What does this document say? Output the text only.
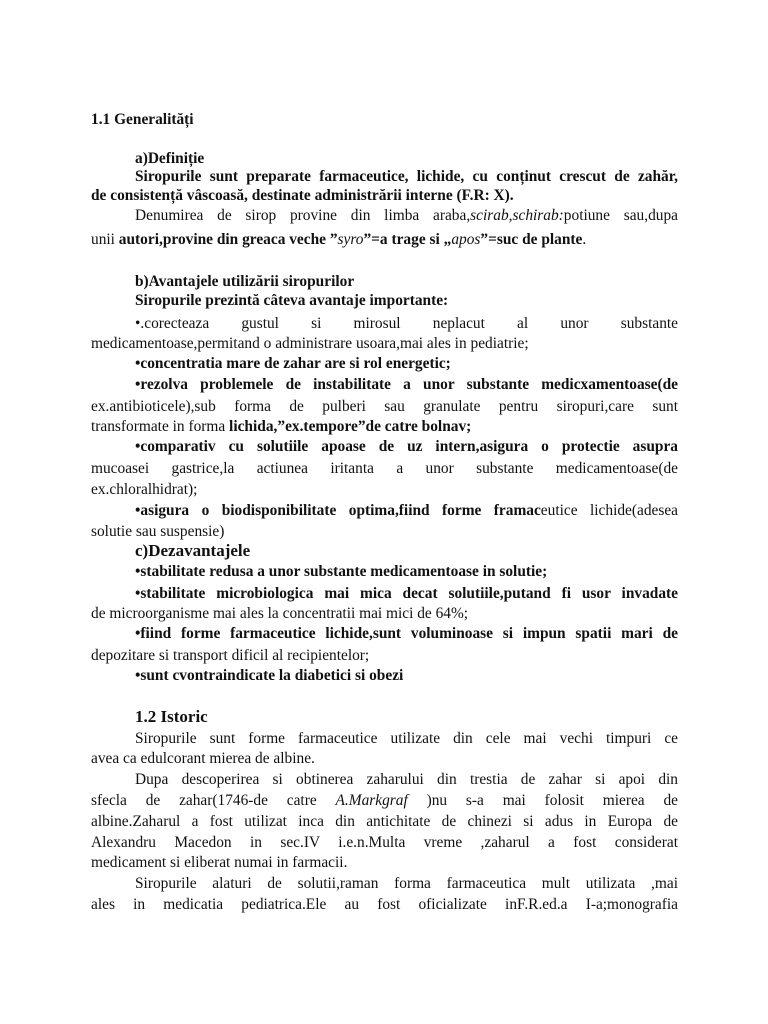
1.1 Generalități
a)Definiție
Siropurile sunt preparate farmaceutice, lichide, cu conținut crescut de zahăr,
de consistență vâscoasă, destinate administrării interne (F.R: X).
Denumirea de sirop provine din limba araba,scirab,schirab:potiune sau,dupa
unii autori,provine din greaca veche ”syro”=a trage si „apos”=suc de plante.
b)Avantajele utilizării siropurilor
Siropurile prezintă câteva avantaje importante:
•.corecteaza gustul si mirosul neplacut al unor substante
medicamentoase,permitand o administrare usoara,mai ales in pediatrie;
•concentratia mare de zahar are si rol energetic;
•rezolva problemele de instabilitate a unor substante medicxamentoase(de
ex.antibioticele),sub forma de pulberi sau granulate pentru siropuri,care sunt
transformate in forma lichida,”ex.tempore”de catre bolnav;
•comparativ cu solutiile apoase de uz intern,asigura o protectie asupra
mucoasei gastrice,la actiunea iritanta a unor substante medicamentoase(de
ex.chloralhidrat);
•asigura o biodisponibilitate optima,fiind forme framaceutice lichide(adesea
solutie sau suspensie)
c)Dezavantajele
•stabilitate redusa a unor substante medicamentoase in solutie;
•stabilitate microbiologica mai mica decat solutiile,putand fi usor invadate
de microorganisme mai ales la concentratii mai mici de 64%;
•fiind forme farmaceutice lichide,sunt voluminoase si impun spatii mari de
depozitare si transport dificil al recipientelor;
•sunt cvontraindicate la diabetici si obezi
1.2 Istoric
Siropurile sunt forme farmaceutice utilizate din cele mai vechi timpuri ce
avea ca edulcorant mierea de albine.
Dupa descoperirea si obtinerea zaharului din trestia de zahar si apoi din
sfecla de zahar(1746-de catre A.Markgraf )nu s-a mai folosit mierea de
albine.Zaharul a fost utilizat inca din antichitate de chinezi si adus in Europa de
Alexandru Macedon in sec.IV i.e.n.Multa vreme ,zaharul a fost considerat
medicament si eliberat numai in farmacii.
Siropurile alaturi de solutii,raman forma farmaceutica mult utilizata ,mai
ales in medicatia pediatrica.Ele au fost oficializate inF.R.ed.a I-a;monografia
